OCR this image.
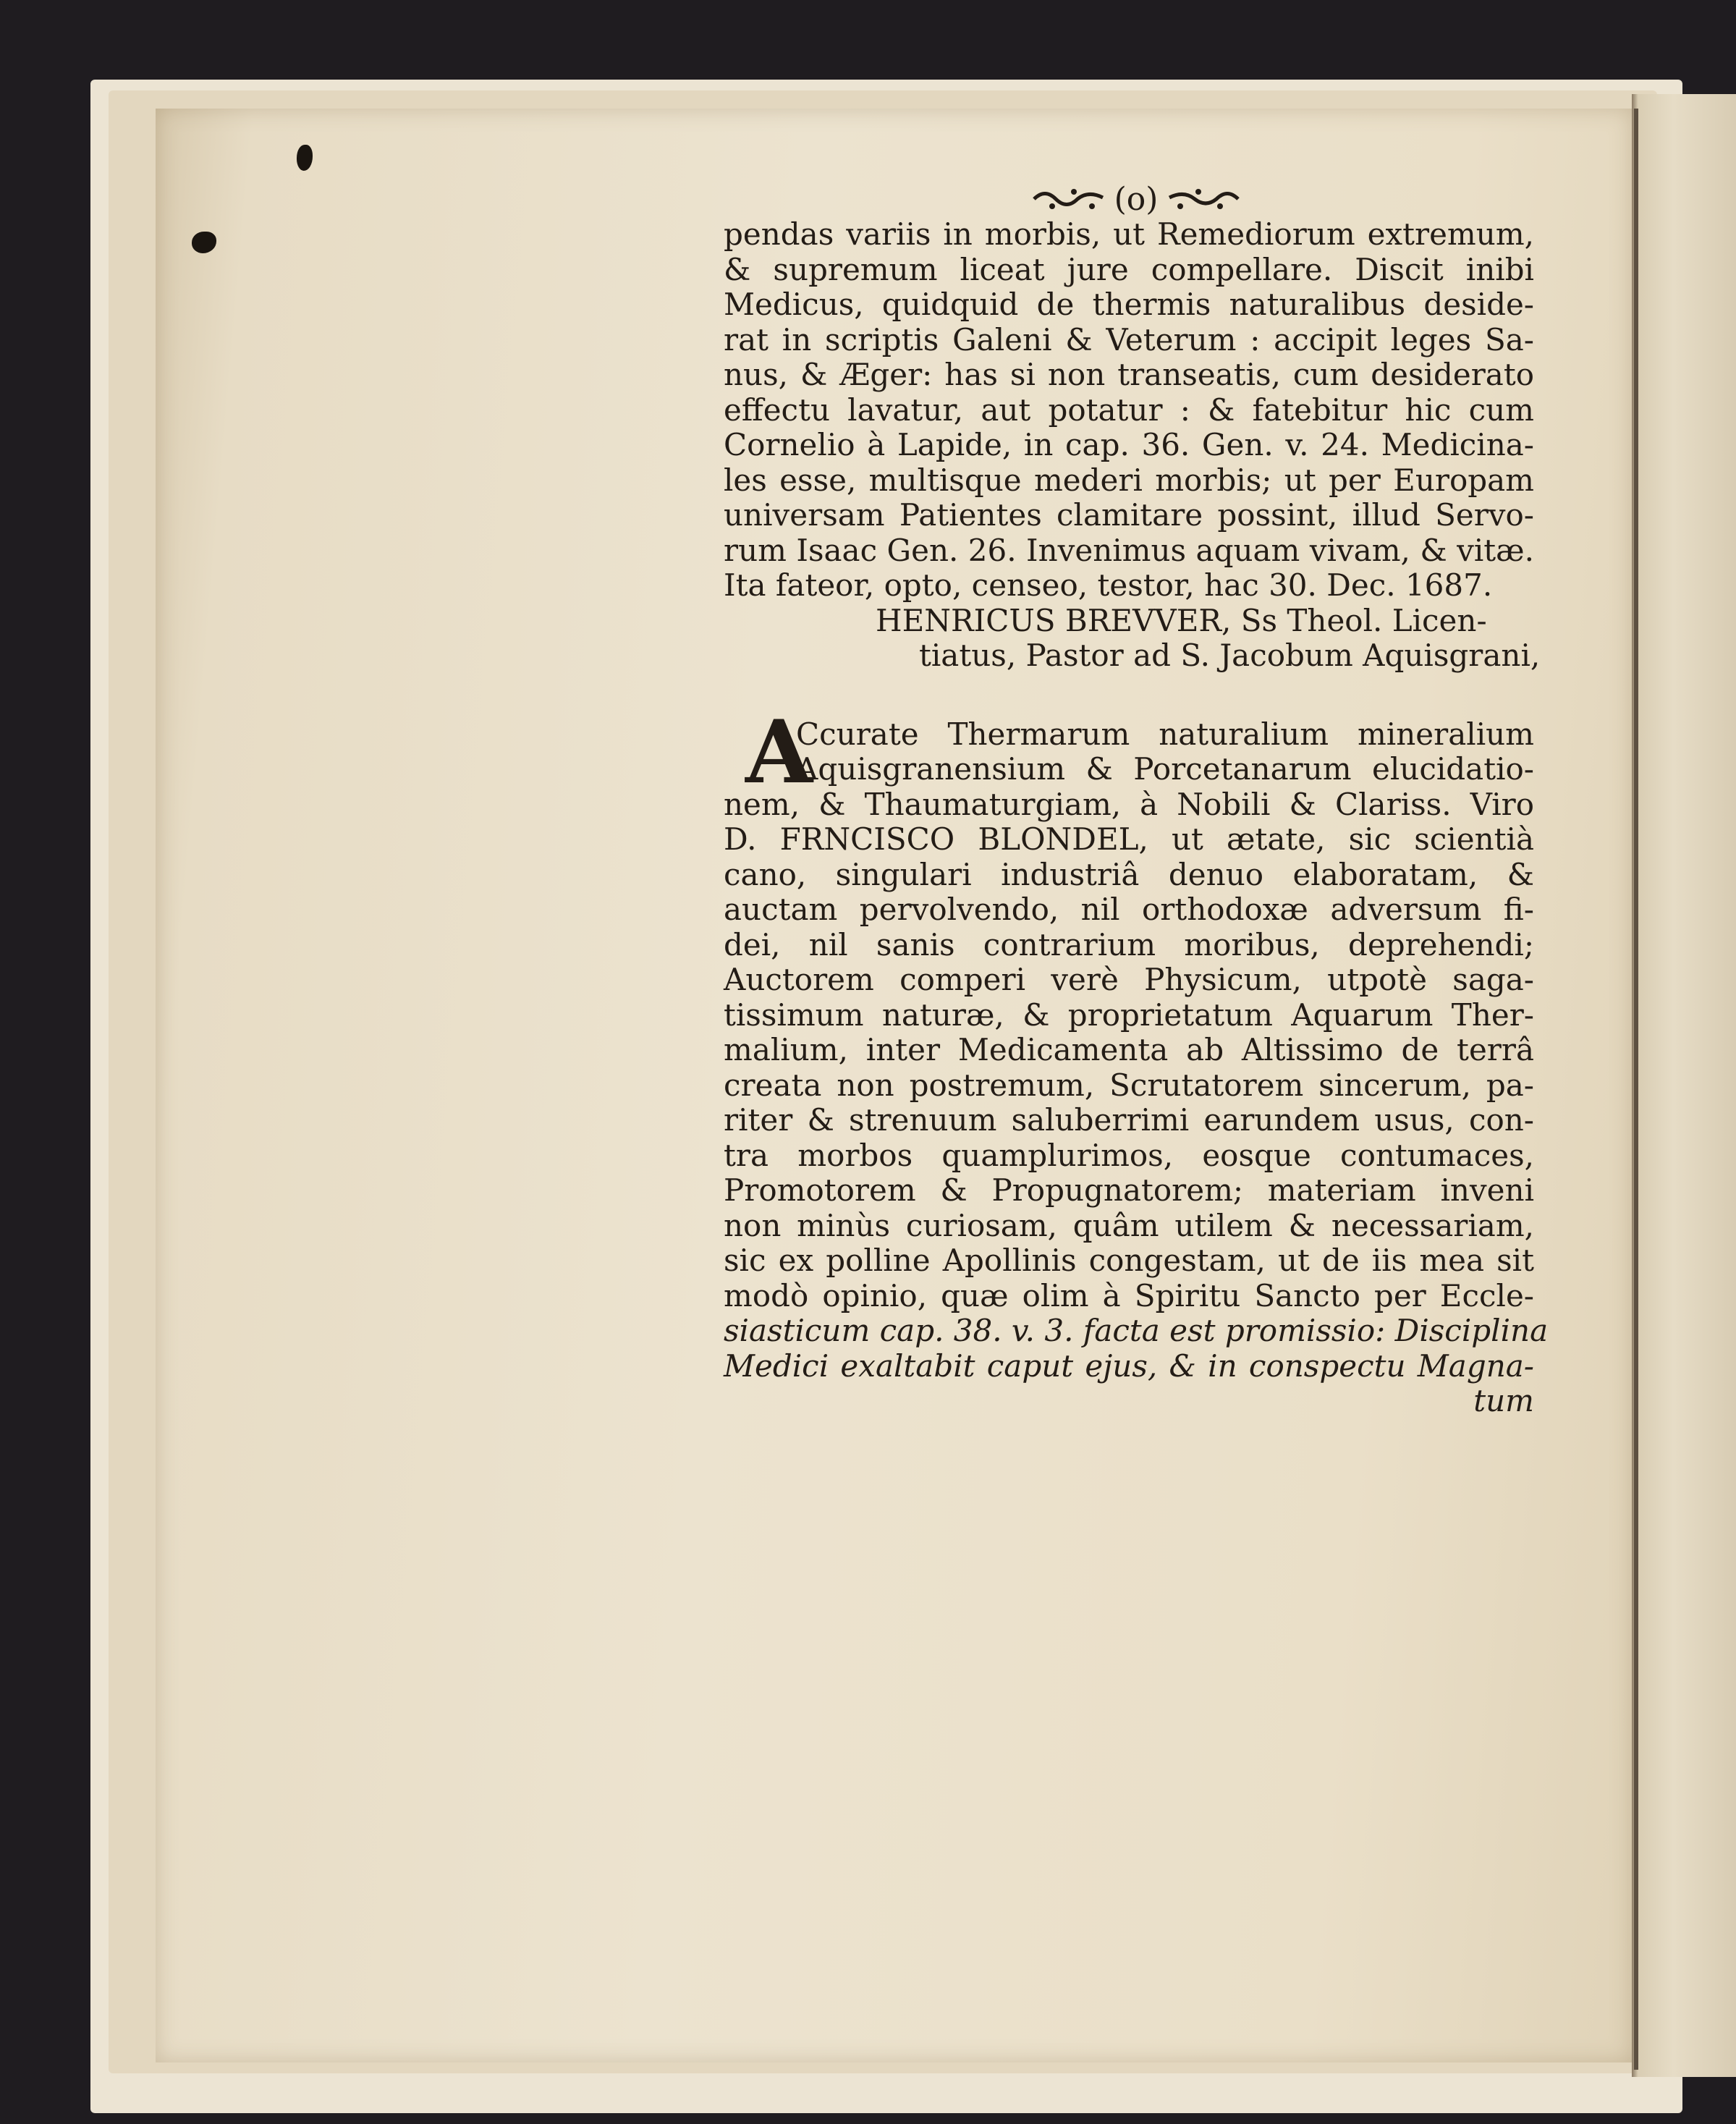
(o)
pendas variis in morbis, ut Remediorum extremum,
& supremum liceat jure compellare. Discit inibi
Medicus, quidquid de thermis naturalibus deside-
rat in scriptis Galeni & Veterum : accipit leges Sa-
nus, & Æger: has si non transeatis, cum desiderato
effectu lavatur, aut potatur : & fatebitur hic cum
Cornelio à Lapide, in cap. 36. Gen. v. 24. Medicina-
les esse, multisque mederi morbis; ut per Europam
universam Patientes clamitare possint, illud Servo-
rum Isaac Gen. 26. Invenimus aquam vivam, & vitæ.
Ita fateor, opto, censeo, testor, hac 30. Dec. 1687.
HENRICUS BREVVER, Ss Theol. Licen-
tiatus, Pastor ad S. Jacobum Aquisgrani,
A
Ccurate Thermarum naturalium mineralium
Aquisgranensium & Porcetanarum elucidatio-
nem, & Thaumaturgiam, à Nobili & Clariss. Viro
D. FRNCISCO BLONDEL, ut ætate, sic scientià
cano, singulari industriâ denuo elaboratam, &
auctam pervolvendo, nil orthodoxæ adversum fi-
dei, nil sanis contrarium moribus, deprehendi;
Auctorem comperi verè Physicum, utpotè saga-
tissimum naturæ, & proprietatum Aquarum Ther-
malium, inter Medicamenta ab Altissimo de terrâ
creata non postremum, Scrutatorem sincerum, pa-
riter & strenuum saluberrimi earundem usus, con-
tra morbos quamplurimos, eosque contumaces,
Promotorem & Propugnatorem; materiam inveni
non minùs curiosam, quâm utilem & necessariam,
sic ex polline Apollinis congestam, ut de iis mea sit
modò opinio, quæ olim à Spiritu Sancto per Eccle-
siasticum cap. 38. v. 3. facta est promissio: Disciplina
Medici exaltabit caput ejus, & in conspectu Magna-
tum
